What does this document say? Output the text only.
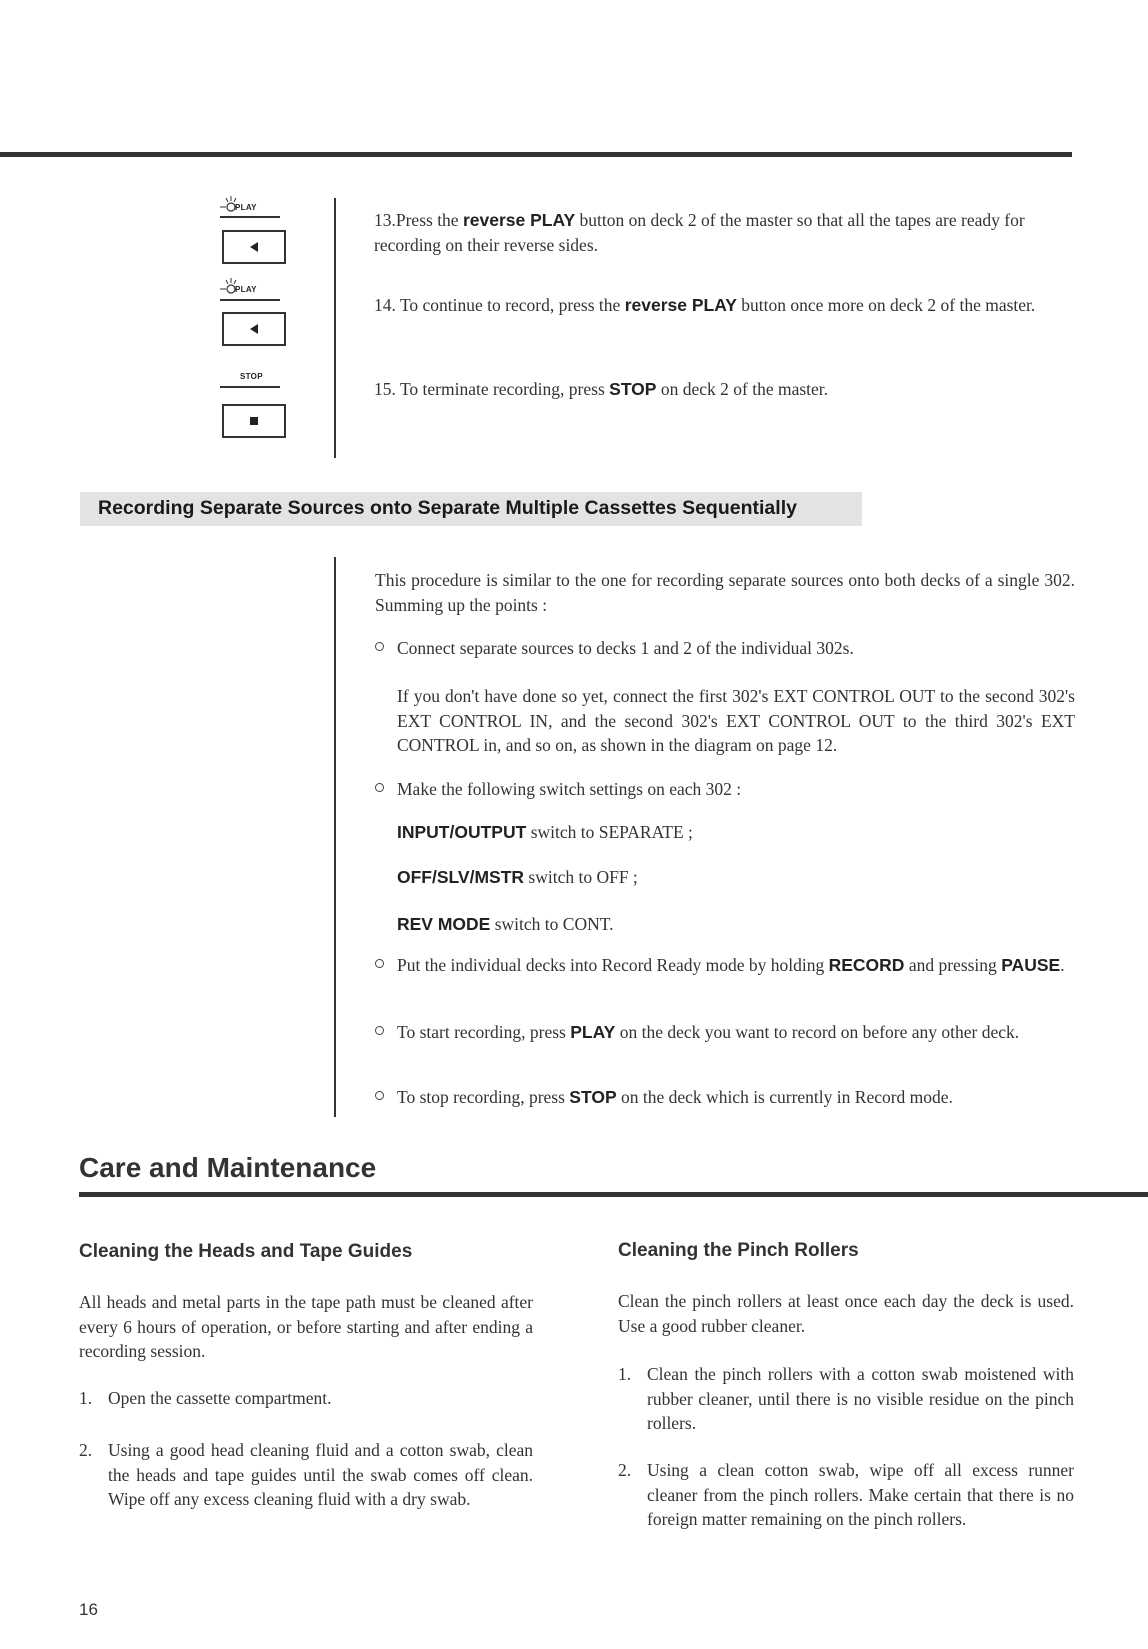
PLAY
PLAY
STOP
13.Press the reverse PLAY button on deck 2 of the master so that all the tapes are ready for recording on their reverse sides.
14. To continue to record, press the reverse PLAY button once more on deck 2 of the master.
15. To terminate recording, press STOP on deck 2 of the master.
Recording Separate Sources onto Separate Multiple Cassettes Sequentially
This procedure is similar to the one for recording separate sources onto both decks of a single 302. Summing up the points :
Connect separate sources to decks 1 and 2 of the individual 302s.
If you don't have done so yet, connect the first 302's EXT CONTROL OUT to the second 302's EXT CONTROL IN, and the second 302's EXT CONTROL OUT to the third 302's EXT CONTROL in, and so on, as shown in the diagram on page 12.
Make the following switch settings on each 302 :
INPUT/OUTPUT switch to SEPARATE ;
OFF/SLV/MSTR switch to OFF ;
REV MODE switch to CONT.
Put the individual decks into Record Ready mode by holding RECORD and pressing PAUSE.
To start recording, press PLAY on the deck you want to record on before any other deck.
To stop recording, press STOP on the deck which is currently in Record mode.
Care and Maintenance
Cleaning the Heads and Tape Guides
All heads and metal parts in the tape path must be cleaned after every 6 hours of operation, or before starting and after ending a recording session.
1. Open the cassette compartment.
2. Using a good head cleaning fluid and a cotton swab, clean the heads and tape guides until the swab comes off clean. Wipe off any excess cleaning fluid with a dry swab.
Cleaning the Pinch Rollers
Clean the pinch rollers at least once each day the deck is used. Use a good rubber cleaner.
1. Clean the pinch rollers with a cotton swab moistened with rubber cleaner, until there is no visible residue on the pinch rollers.
2. Using a clean cotton swab, wipe off all excess runner cleaner from the pinch rollers. Make certain that there is no foreign matter remaining on the pinch rollers.
16
